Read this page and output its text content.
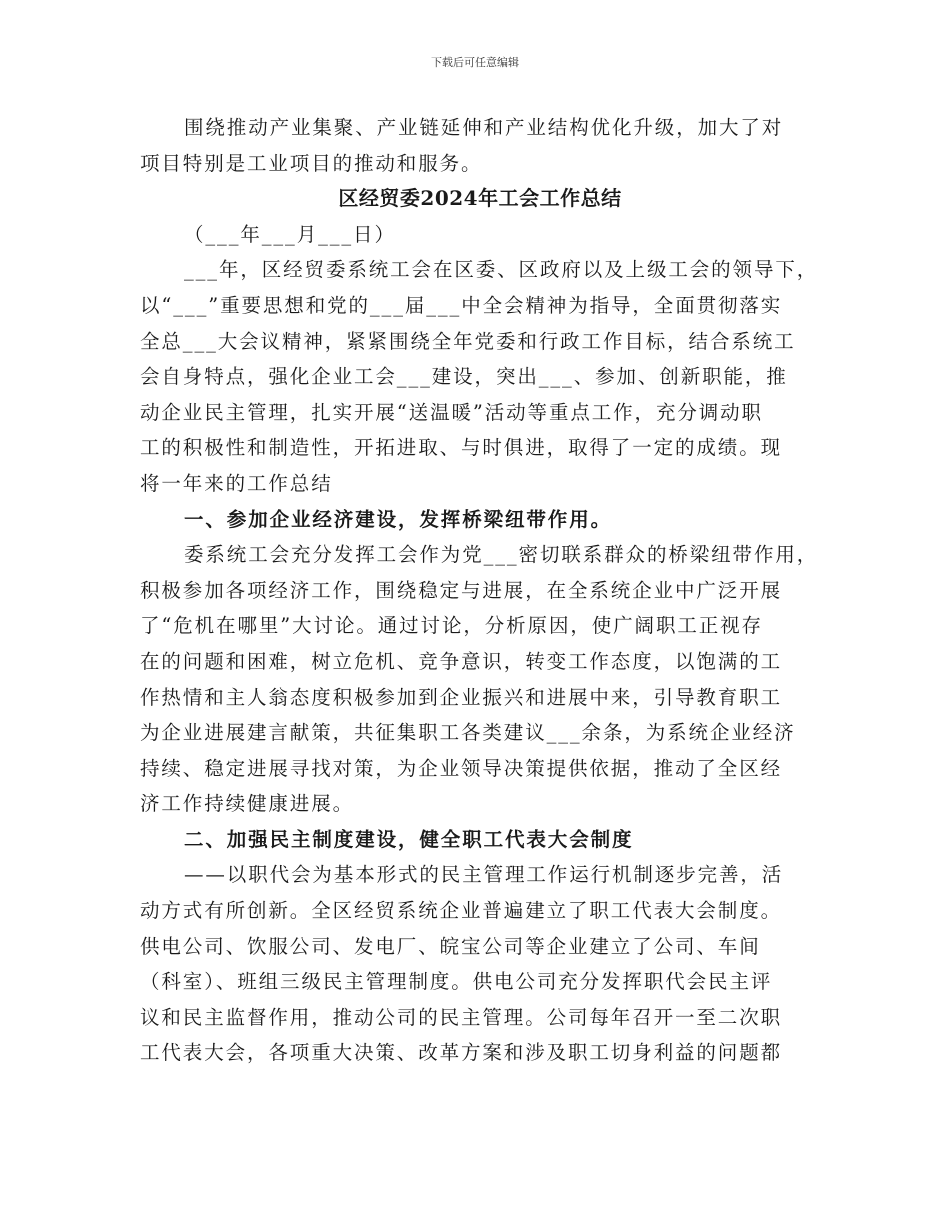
下载后可任意编辑
围绕推动产业集聚、产业链延伸和产业结构优化升级，加大了对
项目特别是工业项目的推动和服务。
区经贸委2024年工会工作总结
（___年___月___日）
___年，区经贸委系统工会在区委、区政府以及上级工会的领导下，
以“___”重要思想和党的___届___中全会精神为指导，全面贯彻落实
全总___大会议精神，紧紧围绕全年党委和行政工作目标，结合系统工
会自身特点，强化企业工会___建设，突出___、参加、创新职能，推
动企业民主管理，扎实开展“送温暖”活动等重点工作，充分调动职
工的积极性和制造性，开拓进取、与时俱进，取得了一定的成绩。现
将一年来的工作总结
一、参加企业经济建设，发挥桥梁纽带作用。
委系统工会充分发挥工会作为党___密切联系群众的桥梁纽带作用，
积极参加各项经济工作，围绕稳定与进展，在全系统企业中广泛开展
了“危机在哪里”大讨论。通过讨论，分析原因，使广阔职工正视存
在的问题和困难，树立危机、竞争意识，转变工作态度，以饱满的工
作热情和主人翁态度积极参加到企业振兴和进展中来，引导教育职工
为企业进展建言献策，共征集职工各类建议___余条，为系统企业经济
持续、稳定进展寻找对策，为企业领导决策提供依据，推动了全区经
济工作持续健康进展。
二、加强民主制度建设，健全职工代表大会制度
——以职代会为基本形式的民主管理工作运行机制逐步完善，活
动方式有所创新。全区经贸系统企业普遍建立了职工代表大会制度。
供电公司、饮服公司、发电厂、皖宝公司等企业建立了公司、车间
（科室）、班组三级民主管理制度。供电公司充分发挥职代会民主评
议和民主监督作用，推动公司的民主管理。公司每年召开一至二次职
工代表大会，各项重大决策、改革方案和涉及职工切身利益的问题都
